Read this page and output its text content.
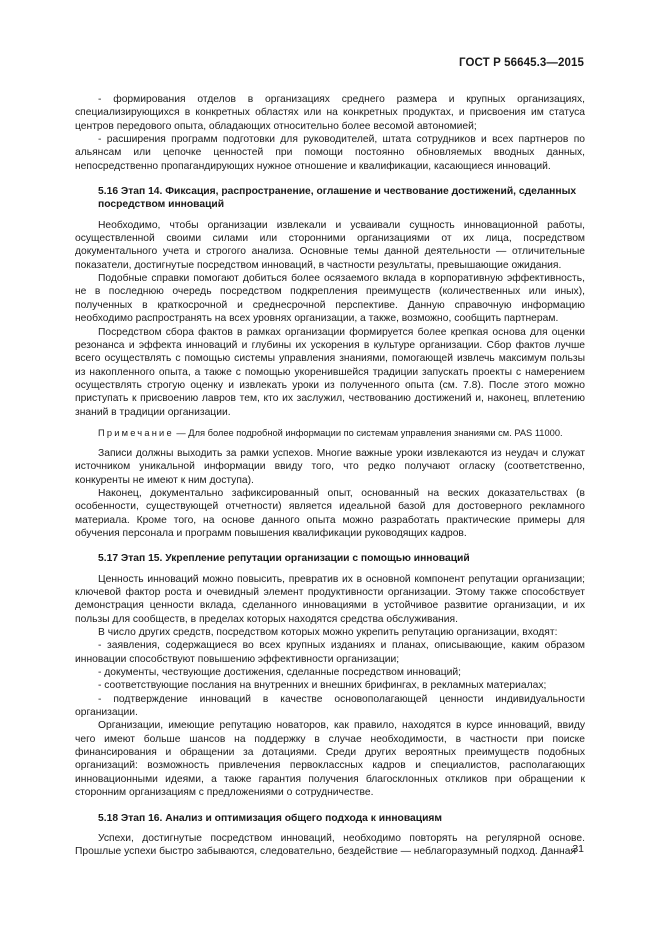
ГОСТ Р 56645.3—2015

- формирования отделов в организациях среднего размера и крупных организациях, специализирующихся в конкретных областях или на конкретных продуктах, и присвоения им статуса центров передового опыта, обладающих относительно более весомой автономией;

- расширения программ подготовки для руководителей, штата сотрудников и всех партнеров по альянсам или цепочке ценностей при помощи постоянно обновляемых вводных данных, непосредственно пропагандирующих нужное отношение и квалификации, касающиеся инноваций.

5.16 Этап 14. Фиксация, распространение, оглашение и чествование достижений, сделанных посредством инноваций

Необходимо, чтобы организации извлекали и усваивали сущность инновационной работы, осуществленной своими силами или сторонними организациями от их лица, посредством документального учета и строгого анализа. Основные темы данной деятельности — отличительные показатели, достигнутые посредством инноваций, в частности результаты, превышающие ожидания.

Подобные справки помогают добиться более осязаемого вклада в корпоративную эффективность, не в последнюю очередь посредством подкрепления преимуществ (количественных или иных), полученных в краткосрочной и среднесрочной перспективе. Данную справочную информацию необходимо распространять на всех уровнях организации, а также, возможно, сообщить партнерам.

Посредством сбора фактов в рамках организации формируется более крепкая основа для оценки резонанса и эффекта инноваций и глубины их ускорения в культуре организации. Сбор фактов лучше всего осуществлять с помощью системы управления знаниями, помогающей извлечь максимум пользы из накопленного опыта, а также с помощью укоренившейся традиции запускать проекты с намерением осуществлять строгую оценку и извлекать уроки из полученного опыта (см. 7.8). После этого можно приступать к присвоению лавров тем, кто их заслужил, чествованию достижений и, наконец, вплетению знаний в традиции организации.

Примечание — Для более подробной информации по системам управления знаниями см. PAS 11000.

Записи должны выходить за рамки успехов. Многие важные уроки извлекаются из неудач и служат источником уникальной информации ввиду того, что редко получают огласку (соответственно, конкуренты не имеют к ним доступа).

Наконец, документально зафиксированный опыт, основанный на веских доказательствах (в особенности, существующей отчетности) является идеальной базой для достоверного рекламного материала. Кроме того, на основе данного опыта можно разработать практические примеры для обучения персонала и программ повышения квалификации руководящих кадров.

5.17 Этап 15. Укрепление репутации организации с помощью инноваций

Ценность инноваций можно повысить, превратив их в основной компонент репутации организации; ключевой фактор роста и очевидный элемент продуктивности организации. Этому также способствует демонстрация ценности вклада, сделанного инновациями в устойчивое развитие организации, и их пользы для сообществ, в пределах которых находятся средства обслуживания.

В число других средств, посредством которых можно укрепить репутацию организации, входят:

- заявления, содержащиеся во всех крупных изданиях и планах, описывающие, каким образом инновации способствуют повышению эффективности организации;

- документы, чествующие достижения, сделанные посредством инноваций;

- соответствующие послания на внутренних и внешних брифингах, в рекламных материалах;

- подтверждение инноваций в качестве основополагающей ценности индивидуальности организации.

Организации, имеющие репутацию новаторов, как правило, находятся в курсе инноваций, ввиду чего имеют больше шансов на поддержку в случае необходимости, в частности при поиске финансирования и обращении за дотациями. Среди других вероятных преимуществ подобных организаций: возможность привлечения первоклассных кадров и специалистов, располагающих инновационными идеями, а также гарантия получения благосклонных откликов при обращении к сторонним организациям с предложениями о сотрудничестве.

5.18 Этап 16. Анализ и оптимизация общего подхода к инновациям

Успехи, достигнутые посредством инноваций, необходимо повторять на регулярной основе. Прошлые успехи быстро забываются, следовательно, бездействие — неблагоразумный подход. Данная

31
